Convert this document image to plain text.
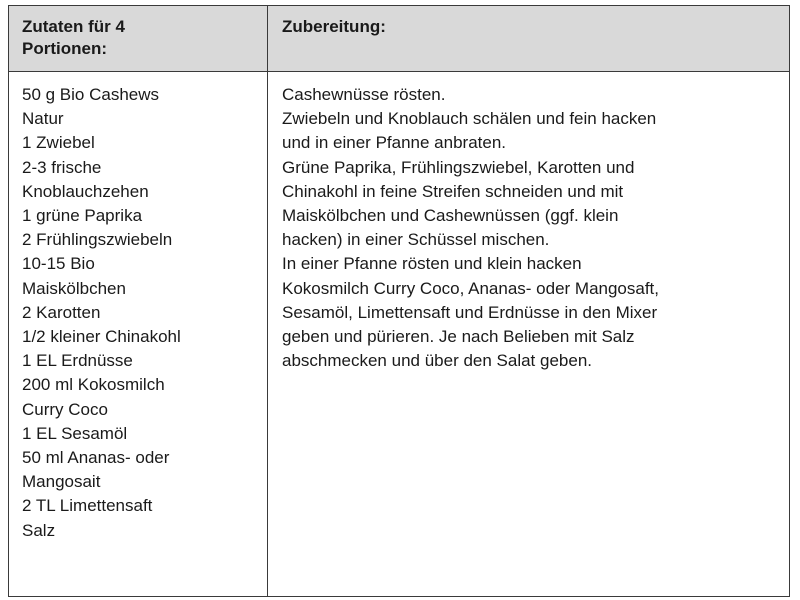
Zutaten für 4
Portionen:
Zubereitung:
50 g Bio Cashews
Natur
1 Zwiebel
2-3 frische
Knoblauchzehen
1 grüne Paprika
2 Frühlingszwiebeln
10-15 Bio
Maiskölbchen
2 Karotten
1/2 kleiner Chinakohl
1 EL Erdnüsse
200 ml Kokosmilch
Curry Coco
1 EL Sesamöl
50 ml Ananas- oder
Mangosait
2 TL Limettensaft
Salz
Cashewnüsse rösten.
Zwiebeln und Knoblauch schälen und fein hacken
und in einer Pfanne anbraten.
Grüne Paprika, Frühlingszwiebel, Karotten und
Chinakohl in feine Streifen schneiden und mit
Maiskölbchen und Cashewnüssen (ggf. klein
hacken) in einer Schüssel mischen.
In einer Pfanne rösten und klein hacken
Kokosmilch Curry Coco, Ananas- oder Mangosaft,
Sesamöl, Limettensaft und Erdnüsse in den Mixer
geben und pürieren. Je nach Belieben mit Salz
abschmecken und über den Salat geben.
